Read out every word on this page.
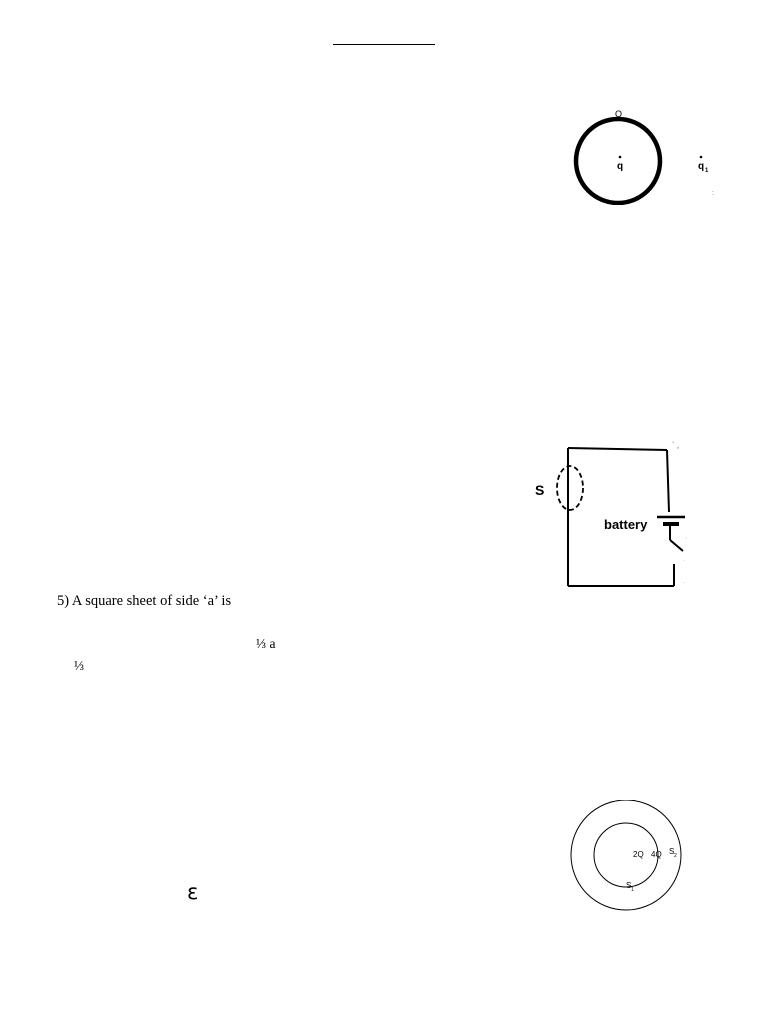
Q
q	q 1
:
S
battery
` ,
·
·
·
5) A square sheet of side ‘a’ is
⅓ a
⅓
2Q 4Q S 2
S 1
ε
